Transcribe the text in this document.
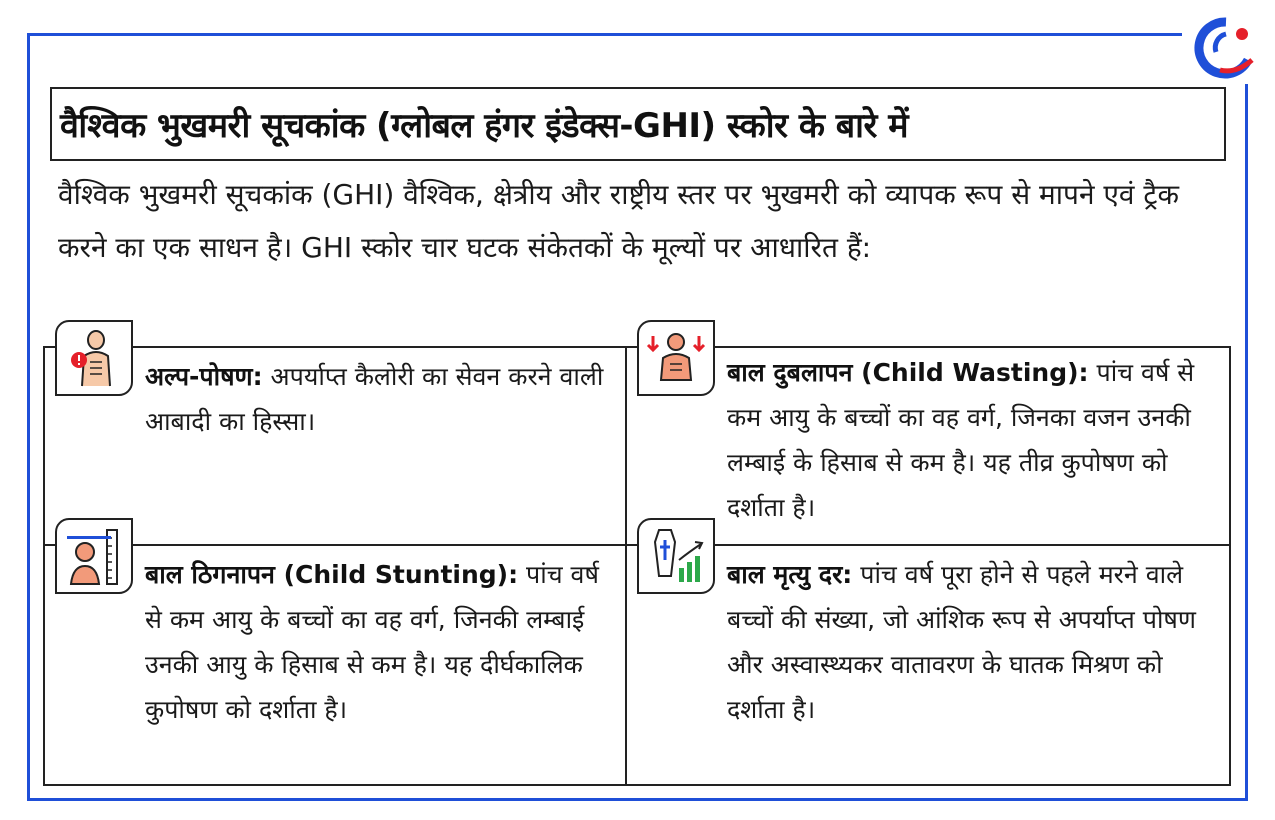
वैश्विक भुखमरी सूचकांक (ग्लोबल हंगर इंडेक्स-GHI) स्कोर के बारे में
वैश्विक भुखमरी सूचकांक (GHI) वैश्विक, क्षेत्रीय और राष्ट्रीय स्तर पर भुखमरी को व्यापक रूप से मापने एवं ट्रैक करने का एक साधन है। GHI स्कोर चार घटक संकेतकों के मूल्यों पर आधारित हैं:
अल्प-पोषण: अपर्याप्त कैलोरी का सेवन करने वाली आबादी का हिस्सा।
बाल दुबलापन (Child Wasting): पांच वर्ष से कम आयु के बच्चों का वह वर्ग, जिनका वजन उनकी लम्बाई के हिसाब से कम है। यह तीव्र कुपोषण को दर्शाता है।
बाल ठिगनापन (Child Stunting): पांच वर्ष से कम आयु के बच्चों का वह वर्ग, जिनकी लम्बाई उनकी आयु के हिसाब से कम है। यह दीर्घकालिक कुपोषण को दर्शाता है।
बाल मृत्यु दर: पांच वर्ष पूरा होने से पहले मरने वाले बच्चों की संख्या, जो आंशिक रूप से अपर्याप्त पोषण और अस्वास्थ्यकर वातावरण के घातक मिश्रण को दर्शाता है।
